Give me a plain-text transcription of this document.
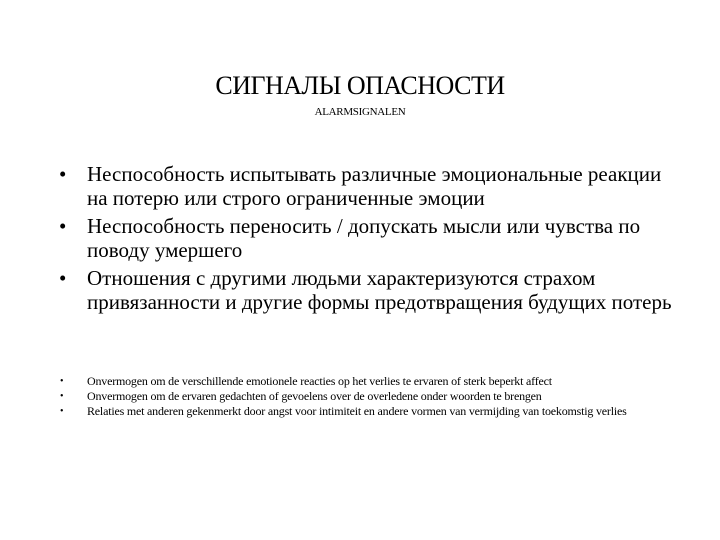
СИГНАЛЫ ОПАСНОСТИ
ALARMSIGNALEN
• Неспособность испытывать различные эмоциональные реакции на потерю или строго ограниченные эмоции
• Неспособность переносить / допускать мысли или чувства по поводу умершего
• Отношения с другими людьми характеризуются страхом привязанности и другие формы предотвращения будущих потерь
• Onvermogen om de verschillende emotionele reacties op het verlies te ervaren of sterk beperkt affect
• Onvermogen om de ervaren gedachten of gevoelens over de overledene onder woorden te brengen
• Relaties met anderen gekenmerkt door angst voor intimiteit en andere vormen van vermijding van toekomstig verlies
